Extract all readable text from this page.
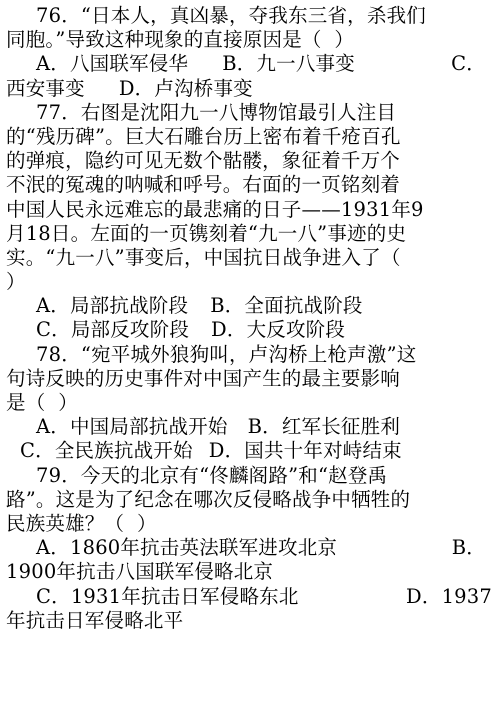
76．“日本人，真凶暴，夺我东三省，杀我们
同胞。”导致这种现象的直接原因是（  ）
A．八国联军侵华 B．九一八事变	C．
西安事变 D．卢沟桥事变
77．右图是沈阳九一八博物馆最引人注目
的“残历碑”。巨大石雕台历上密布着千疮百孔
的弹痕，隐约可见无数个骷髅，象征着千万个
不泯的冤魂的呐喊和呼号。右面的一页铭刻着
中国人民永远难忘的最悲痛的日子——1931年9
月18日。左面的一页镌刻着“九一八”事迹的史
实。“九一八”事变后，中国抗日战争进入了（
）
A．局部抗战阶段 B．全面抗战阶段
C．局部反攻阶段 D．大反攻阶段
78．“宛平城外狼狗叫，卢沟桥上枪声激”这
句诗反映的历史事件对中国产生的最主要影响
是（  ）
A．中国局部抗战开始 B．红军长征胜利
C．全民族抗战开始 D．国共十年对峙结束
79．今天的北京有“佟麟阁路”和“赵登禹
路”。这是为了纪念在哪次反侵略战争中牺牲的
民族英雄？（  ）
A．1860年抗击英法联军进攻北京	B．
1900年抗击八国联军侵略北京
C．1931年抗击日军侵略东北	D．1937
年抗击日军侵略北平
